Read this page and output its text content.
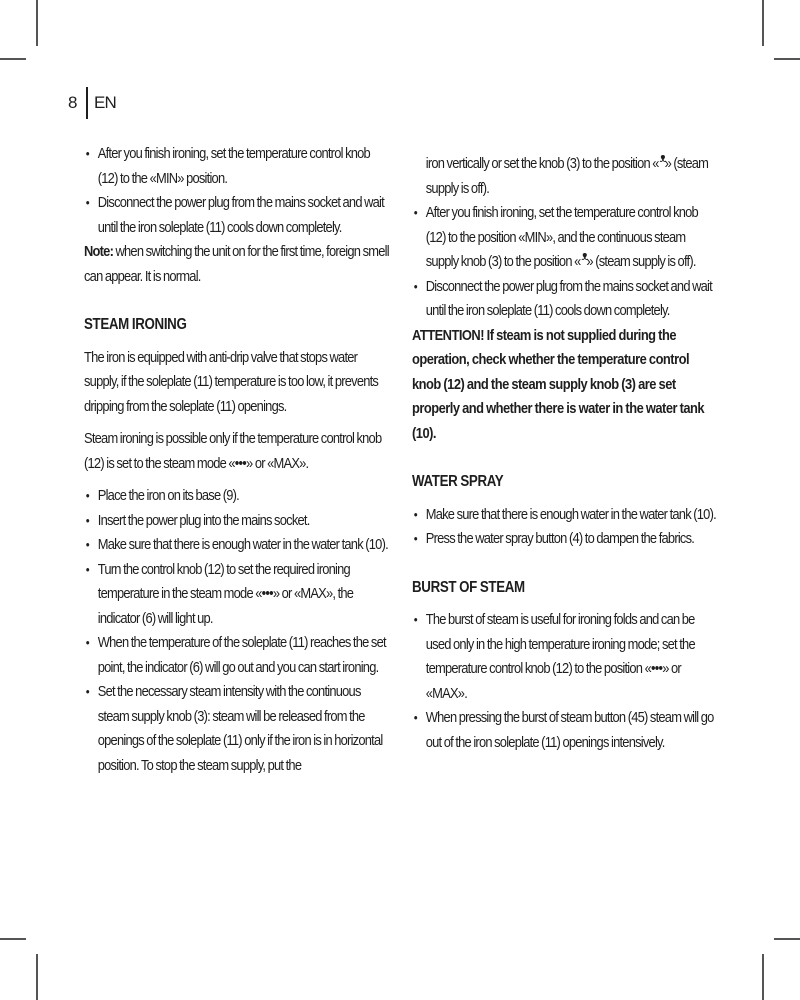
8 EN
• After you finish ironing, set the temperature control knob (12) to the «MIN» position.
• Disconnect the power plug from the mains socket and wait until the iron soleplate (11) cools down completely.

Note: when switching the unit on for the first time, foreign smell can appear. It is normal.

STEAM IRONING

The iron is equipped with anti-drip valve that stops water supply, if the soleplate (11) temperature is too low, it prevents dripping from the soleplate (11) openings.

Steam ironing is possible only if the temperature control knob (12) is set to the steam mode «•••» or «MAX».

• Place the iron on its base (9).
• Insert the power plug into the mains socket.
• Make sure that there is enough water in the water tank (10).
• Turn the control knob (12) to set the required ironing temperature in the steam mode «•••» or «MAX», the indicator (6) will light up.
• When the temperature of the soleplate (11) reaches the set point, the indicator (6) will go out and you can start ironing.
• Set the necessary steam intensity with the continuous steam supply knob (3): steam will be released from the openings of the soleplate (11) only if the iron is in horizontal position. To stop the steam supply, put the

iron vertically or set the knob (3) to the position «ᴥ» (steam supply is off).

• After you finish ironing, set the temperature control knob (12) to the position «MIN», and the continuous steam supply knob (3) to the position «ᴥ» (steam supply is off).
• Disconnect the power plug from the mains socket and wait until the iron soleplate (11) cools down completely.

ATTENTION! If steam is not supplied during the operation, check whether the temperature control knob (12) and the steam supply knob (3) are set properly and whether there is water in the water tank (10).

WATER SPRAY
• Make sure that there is enough water in the water tank (10).
• Press the water spray button (4) to dampen the fabrics.
BURST OF STEAM
• The burst of steam is useful for ironing folds and can be used only in the high temperature ironing mode; set the temperature control knob (12) to the position «•••» or «MAX».
• When pressing the burst of steam button (45) steam will go out of the iron soleplate (11) openings intensively.
